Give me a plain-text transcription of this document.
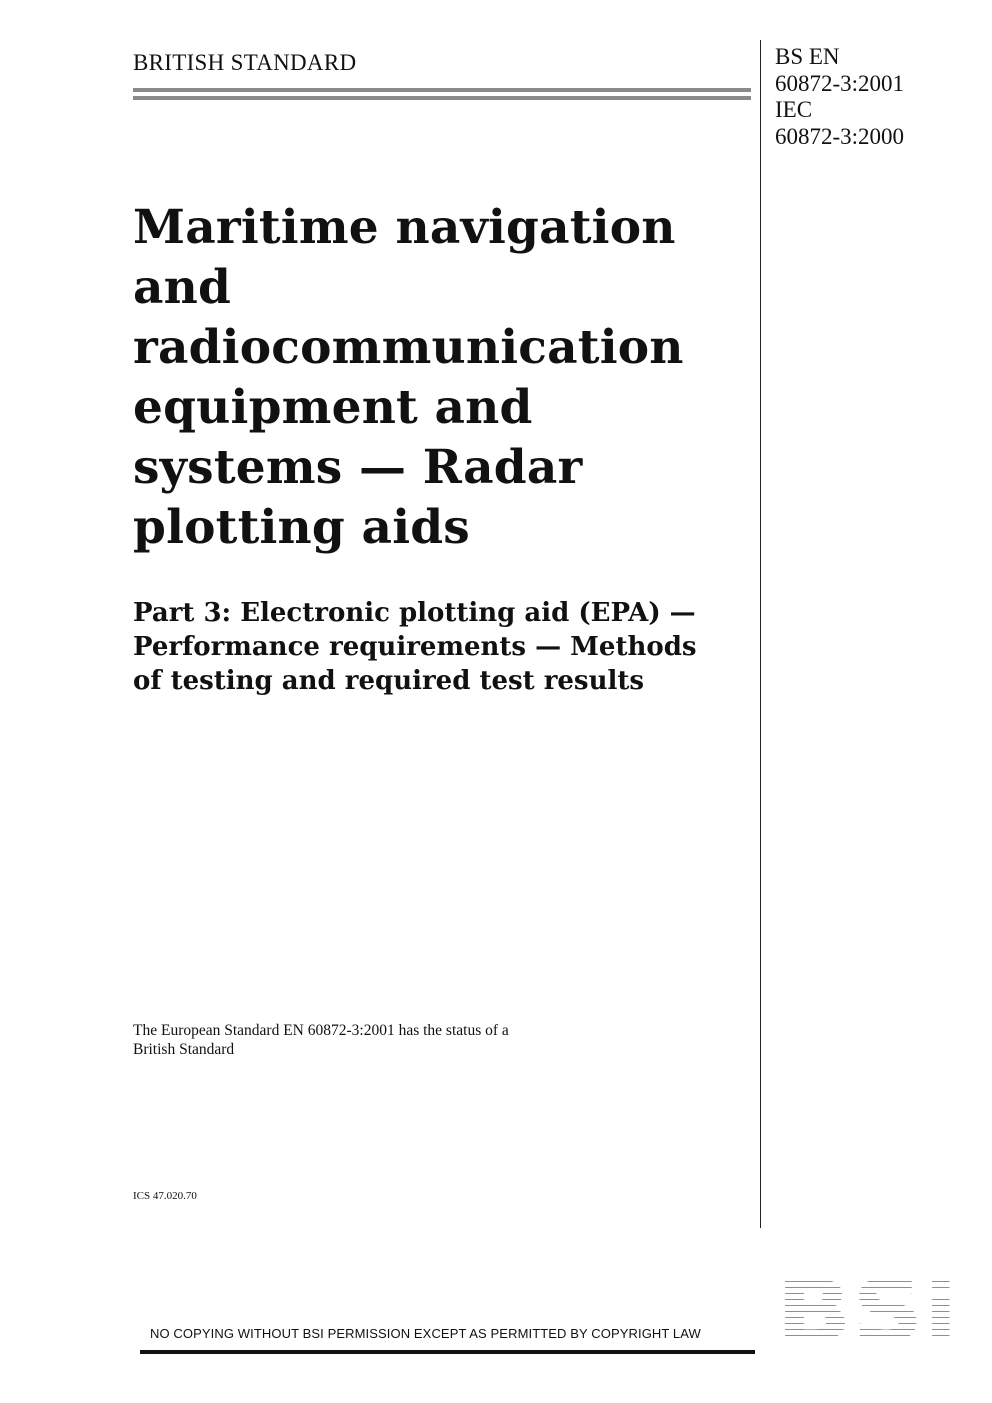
BRITISH STANDARD	BS EN
60872-3:2001
IEC
60872-3:2000
Maritime navigation
and
radiocommunication
equipment and
systems — Radar
plotting aids
Part 3: Electronic plotting aid (EPA) —
Performance requirements — Methods
of testing and required test results
The European Standard EN 60872-3:2001 has the status of a
British Standard
ICS 47.020.70
NO COPYING WITHOUT BSI PERMISSION EXCEPT AS PERMITTED BY COPYRIGHT LAW
